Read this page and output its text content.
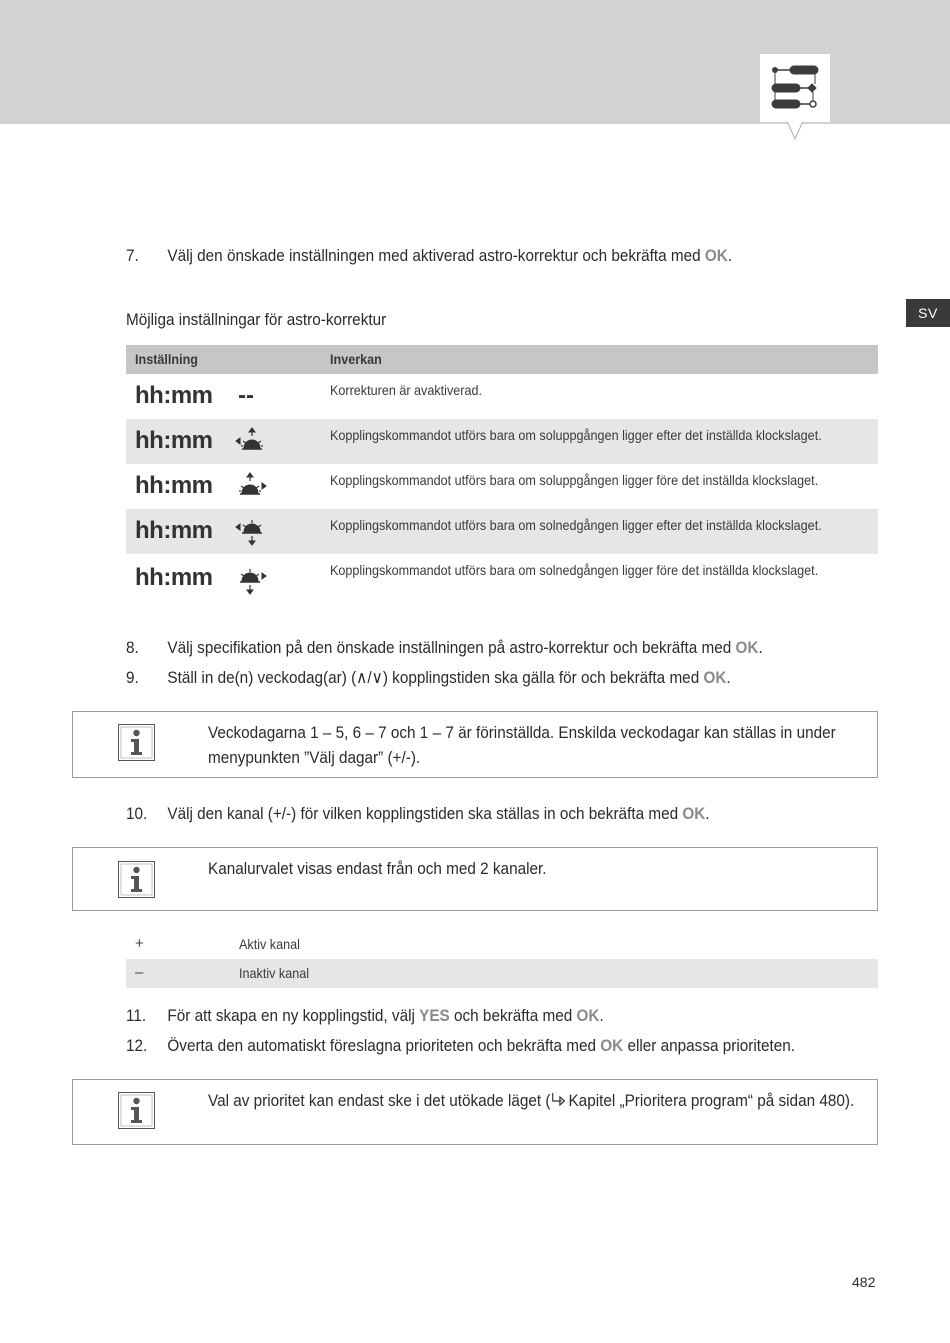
SV
7. Välj den önskade inställningen med aktiverad astro-korrektur och bekräfta med OK.
Möjliga inställningar för astro-korrektur
Inställning	Inverkan
hh:mm --	Korrekturen är avaktiverad.
hh:mm	Kopplingskommandot utförs bara om soluppgången ligger efter det inställda klockslaget.
hh:mm	Kopplingskommandot utförs bara om soluppgången ligger före det inställda klockslaget.
hh:mm	Kopplingskommandot utförs bara om solnedgången ligger efter det inställda klockslaget.
hh:mm	Kopplingskommandot utförs bara om solnedgången ligger före det inställda klockslaget.
8. Välj specifikation på den önskade inställningen på astro-korrektur och bekräfta med OK.
9. Ställ in de(n) veckodag(ar) (∧/∨) kopplingstiden ska gälla för och bekräfta med OK.
Veckodagarna 1 – 5, 6 – 7 och 1 – 7 är förinställda. Enskilda veckodagar kan ställas in under menypunkten ”Välj dagar” (+/-).
10. Välj den kanal (+/-) för vilken kopplingstiden ska ställas in och bekräfta med OK.
Kanalurvalet visas endast från och med 2 kanaler.
+	Aktiv kanal
–	Inaktiv kanal
11. För att skapa en ny kopplingstid, välj YES och bekräfta med OK.
12. Överta den automatiskt föreslagna prioriteten och bekräfta med OK eller anpassa prioriteten.
Val av prioritet kan endast ske i det utökade läget ( Kapitel „Prioritera program“ på sidan 480).
482
